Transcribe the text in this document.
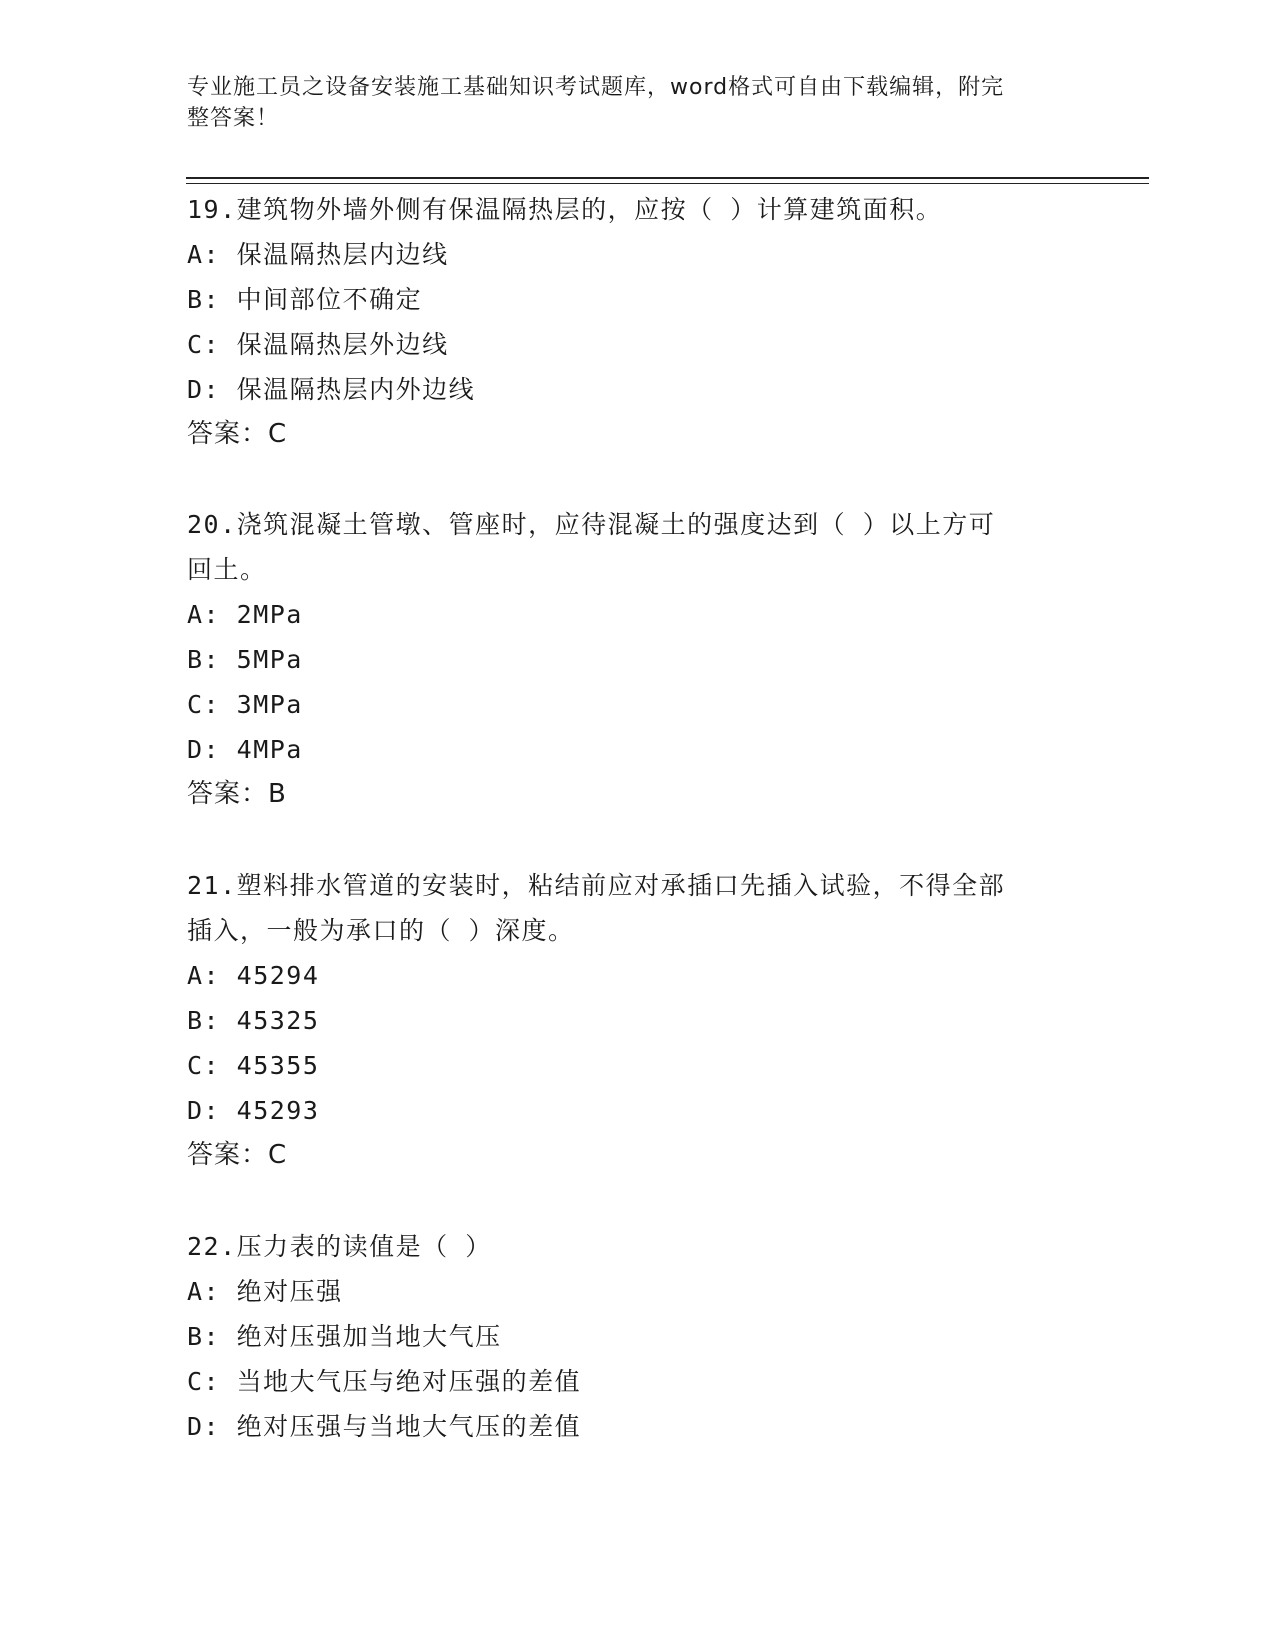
专业施工员之设备安装施工基础知识考试题库，word格式可自由下载编辑，附完
整答案！

19.建筑物外墙外侧有保温隔热层的，应按（ ）计算建筑面积。

A: 保温隔热层内边线

B: 中间部位不确定

C: 保温隔热层外边线

D: 保温隔热层内外边线

答案：C

20.浇筑混凝土管墩、管座时，应待混凝土的强度达到（ ）以上方可

回土。

A: 2MPa

B: 5MPa

C: 3MPa

D: 4MPa

答案：B

21.塑料排水管道的安装时，粘结前应对承插口先插入试验，不得全部

插入，一般为承口的（ ）深度。

A: 45294

B: 45325

C: 45355

D: 45293

答案：C

22.压力表的读值是（ ）

A: 绝对压强

B: 绝对压强加当地大气压

C: 当地大气压与绝对压强的差值

D: 绝对压强与当地大气压的差值
